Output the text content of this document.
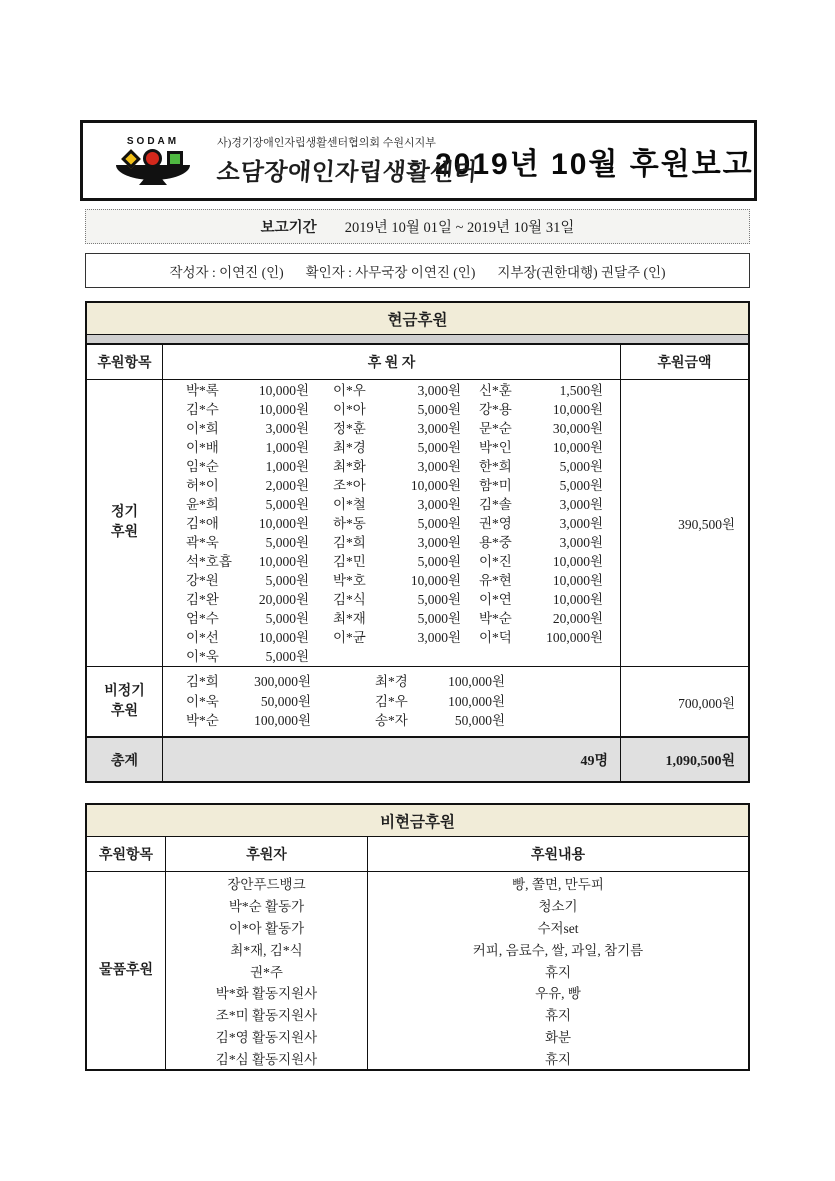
SODAM	사)경기장애인자립생활센터협의회 수원시지부
소담장애인자립생활센터
2019년 10월 후원보고
보고기간 2019년 10월 01일 ~ 2019년 10월 31일
작성자 : 이연진 (인) 확인자 : 사무국장 이연진 (인) 지부장(권한대행) 권달주 (인)
현금후원
후원항목	후 원 자	후원금액
정기
후원
박*록	10,000원	이*우	3,000원	신*훈	1,500원
김*수	10,000원	이*아	5,000원	강*용	10,000원
이*희	3,000원	정*훈	3,000원	문*순	30,000원
이*배	1,000원	최*경	5,000원	박*인	10,000원
임*순	1,000원	최*화	3,000원	한*희	5,000원
허*이	2,000원	조*아	10,000원	함*미	5,000원
윤*희	5,000원	이*철	3,000원	김*솔	3,000원
김*애	10,000원	하*동	5,000원	권*영	3,000원
곽*욱	5,000원	김*희	3,000원	용*중	3,000원
석*호흡	10,000원	김*민	5,000원	이*진	10,000원
강*원	5,000원	박*호	10,000원	유*현	10,000원
김*완	20,000원	김*식	5,000원	이*연	10,000원
엄*수	5,000원	최*재	5,000원	박*순	20,000원
이*선	10,000원	이*균	3,000원	이*덕	100,000원
이*욱	5,000원
390,500원
비정기
후원
김*희	300,000원	최*경	100,000원
이*욱	50,000원	김*우	100,000원
박*순	100,000원	송*자	50,000원
700,000원
총계	49명	1,090,500원
비현금후원
후원항목	후원자	후원내용
물품후원
장안푸드뱅크	빵, 쫄면, 만두피
박*순 활동가	청소기
이*아 활동가	수저set
최*재, 김*식	커피, 음료수, 쌀, 과일, 참기름
권*주	휴지
박*화 활동지원사	우유, 빵
조*미 활동지원사	휴지
김*영 활동지원사	화분
김*심 활동지원사	휴지
